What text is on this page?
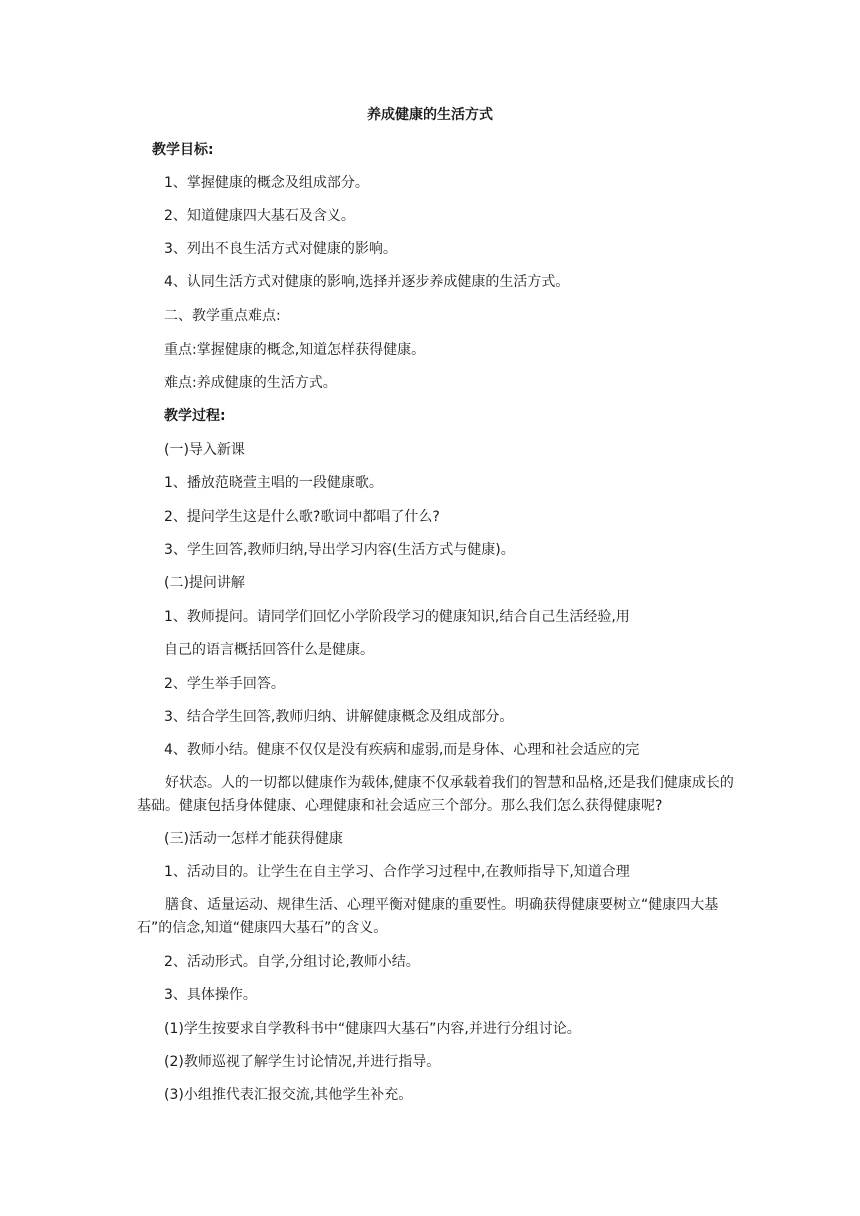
养成健康的生活方式
教学目标:
1、掌握健康的概念及组成部分。
2、知道健康四大基石及含义。
3、列出不良生活方式对健康的影响。
4、认同生活方式对健康的影响,选择并逐步养成健康的生活方式。
二、教学重点难点:
重点:掌握健康的概念,知道怎样获得健康。
难点:养成健康的生活方式。
教学过程:
(一)导入新课
1、播放范晓萱主唱的一段健康歌。
2、提问学生这是什么歌?歌词中都唱了什么?
3、学生回答,教师归纳,导出学习内容(生活方式与健康)。
(二)提问讲解
1、教师提问。请同学们回忆小学阶段学习的健康知识,结合自己生活经验,用
自己的语言概括回答什么是健康。
2、学生举手回答。
3、结合学生回答,教师归纳、讲解健康概念及组成部分。
4、教师小结。健康不仅仅是没有疾病和虚弱,而是身体、心理和社会适应的完
好状态。人的一切都以健康作为载体,健康不仅承载着我们的智慧和品格,还是我们健康成长的基础。健康包括身体健康、心理健康和社会适应三个部分。那么我们怎么获得健康呢?
(三)活动一怎样才能获得健康
1、活动目的。让学生在自主学习、合作学习过程中,在教师指导下,知道合理
膳食、适量运动、规律生活、心理平衡对健康的重要性。明确获得健康要树立“健康四大基石”的信念,知道“健康四大基石”的含义。
2、活动形式。自学,分组讨论,教师小结。
3、具体操作。
(1)学生按要求自学教科书中“健康四大基石”内容,并进行分组讨论。
(2)教师巡视了解学生讨论情况,并进行指导。
(3)小组推代表汇报交流,其他学生补充。
